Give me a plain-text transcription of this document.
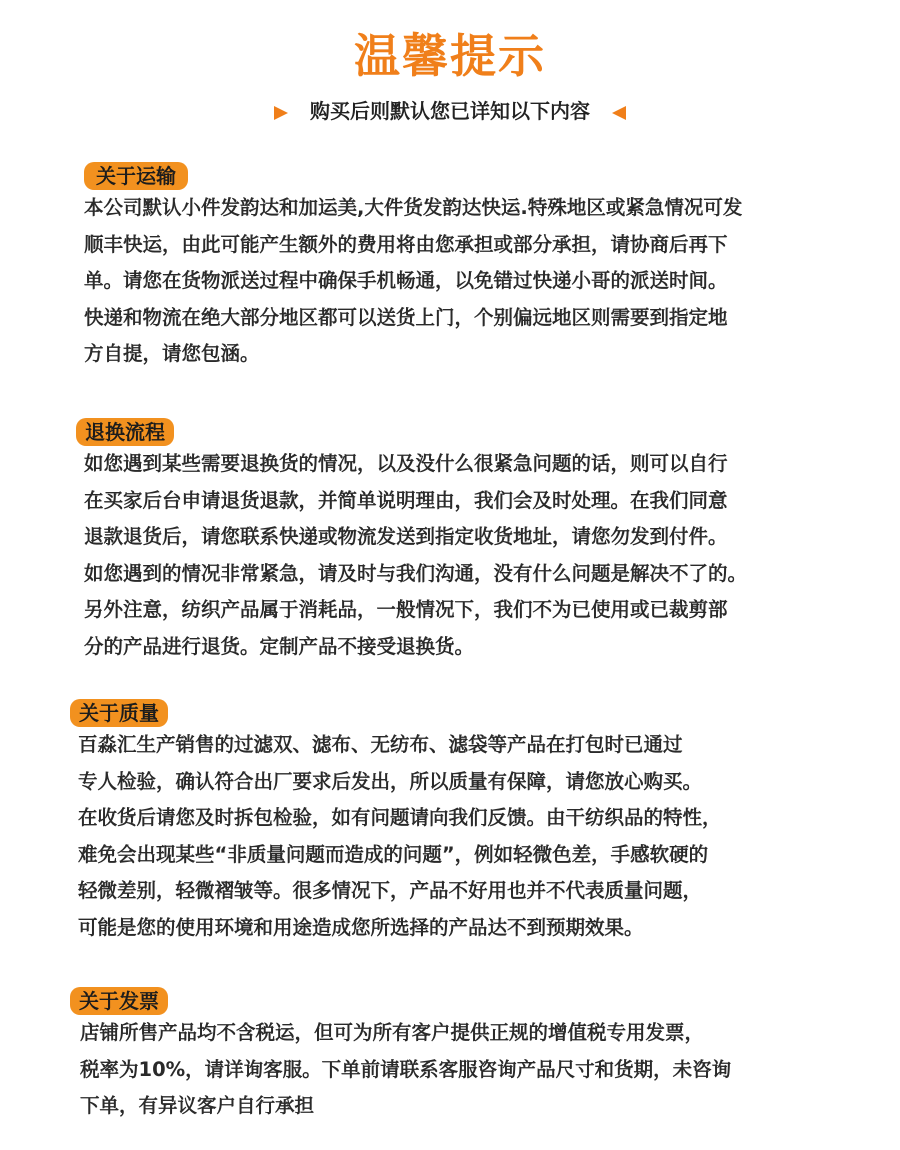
温馨提示
购买后则默认您已详知以下内容
关于运输
本公司默认小件发韵达和加运美,大件货发韵达快运.特殊地区或紧急情况可发
顺丰快运，由此可能产生额外的费用将由您承担或部分承担，请协商后再下
单。请您在货物派送过程中确保手机畅通，以免错过快递小哥的派送时间。
快递和物流在绝大部分地区都可以送货上门，个别偏远地区则需要到指定地
方自提，请您包涵。
退换流程
如您遇到某些需要退换货的情况，以及没什么很紧急问题的话，则可以自行
在买家后台申请退货退款，并简单说明理由，我们会及时处理。在我们同意
退款退货后，请您联系快递或物流发送到指定收货地址，请您勿发到付件。
如您遇到的情况非常紧急，请及时与我们沟通，没有什么问题是解决不了的。
另外注意，纺织产品属于消耗品，一般情况下，我们不为已使用或已裁剪部
分的产品进行退货。定制产品不接受退换货。
关于质量
百淼汇生产销售的过滤双、滤布、无纺布、滤袋等产品在打包时已通过
专人检验，确认符合出厂要求后发出，所以质量有保障，请您放心购买。
在收货后请您及时拆包检验，如有问题请向我们反馈。由干纺织品的特性，
难免会出现某些“非质量问题而造成的问题”，例如轻微色差，手感软硬的
轻微差别，轻微褶皱等。很多情况下，产品不好用也并不代表质量问题，
可能是您的使用环境和用途造成您所选择的产品达不到预期效果。
关于发票
店铺所售产品均不含税运，但可为所有客户提供正规的增值税专用发票，
税率为10%，请详询客服。下单前请联系客服咨询产品尺寸和货期，未咨询
下单，有异议客户自行承担
